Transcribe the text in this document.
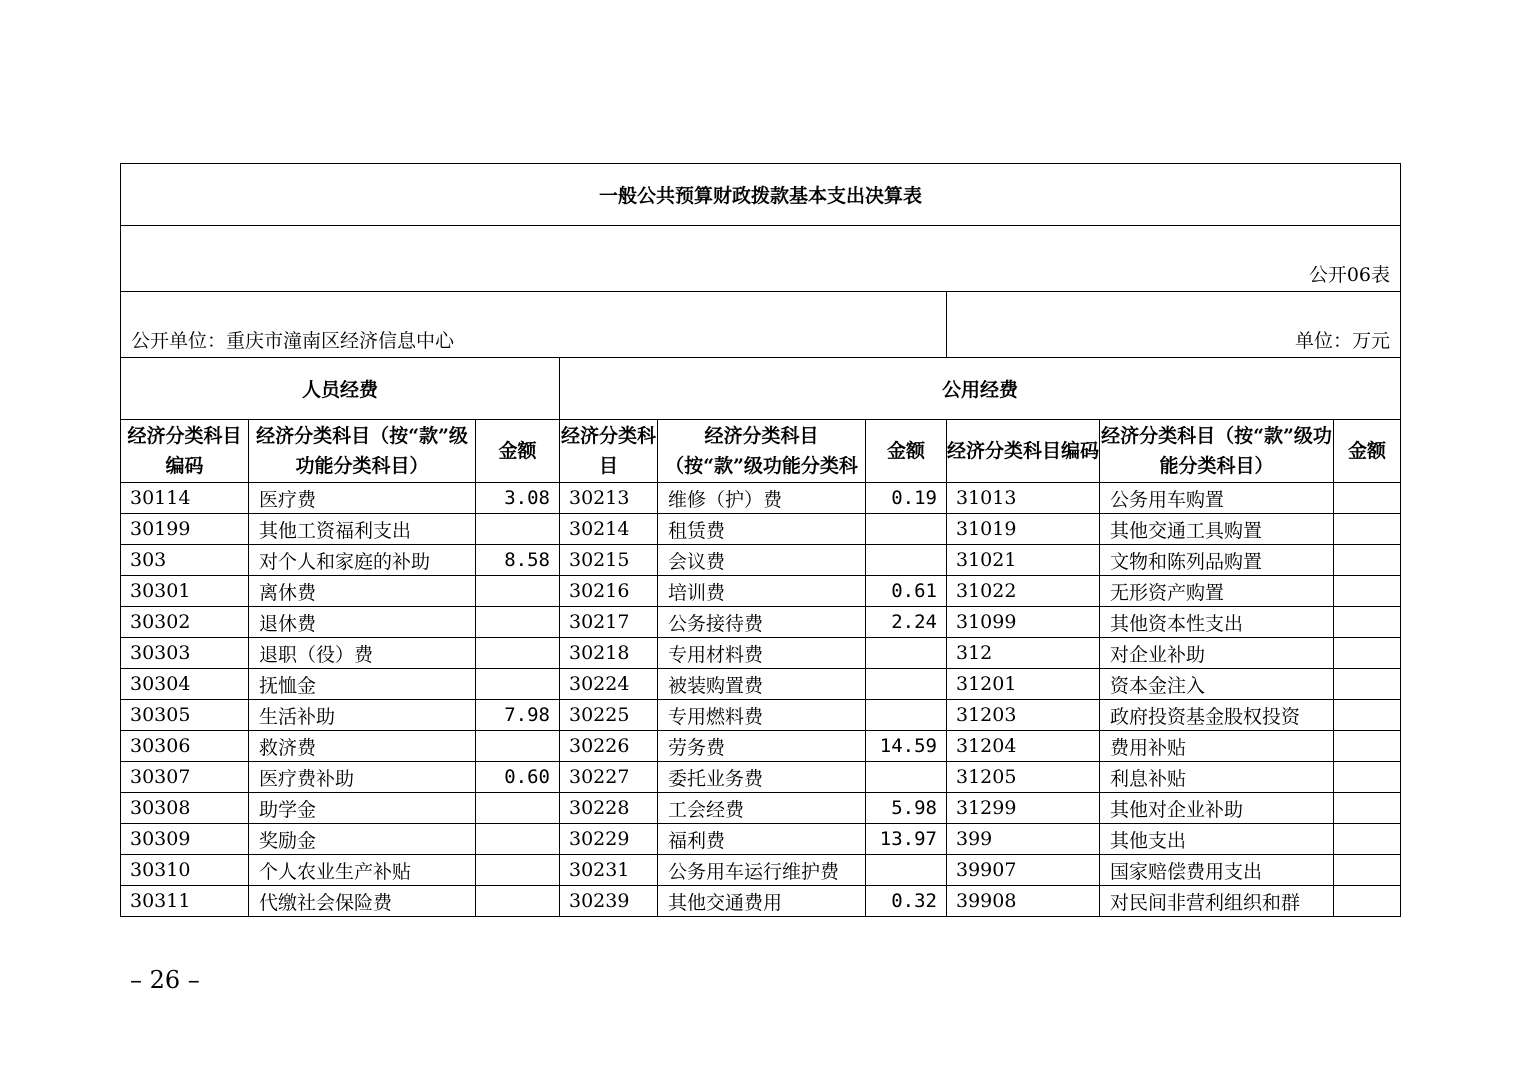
一般公共预算财政拨款基本支出决算表								
公开06表								
公开单位：重庆市潼南区经济信息中心						单位：万元		
人员经费			公用经费					
经济分类科目编码	经济分类科目（按“款”级功能分类科目）	金额	经济分类科目	经济分类科目（按“款”级功能分类科	金额	经济分类科目编码	经济分类科目（按“款”级功能分类科目）	金额
30114	医疗费	3.08	30213	维修（护）费	0.19	31013	公务用车购置	
30199	其他工资福利支出		30214	租赁费		31019	其他交通工具购置	
303	对个人和家庭的补助	8.58	30215	会议费		31021	文物和陈列品购置	
30301	离休费		30216	培训费	0.61	31022	无形资产购置	
30302	退休费		30217	公务接待费	2.24	31099	其他资本性支出	
30303	退职（役）费		30218	专用材料费		312	对企业补助	
30304	抚恤金		30224	被装购置费		31201	资本金注入	
30305	生活补助	7.98	30225	专用燃料费		31203	政府投资基金股权投资	
30306	救济费		30226	劳务费	14.59	31204	费用补贴	
30307	医疗费补助	0.60	30227	委托业务费		31205	利息补贴	
30308	助学金		30228	工会经费	5.98	31299	其他对企业补助	
30309	奖励金		30229	福利费	13.97	399	其他支出	
30310	个人农业生产补贴		30231	公务用车运行维护费		39907	国家赔偿费用支出	
30311	代缴社会保险费		30239	其他交通费用	0.32	39908	对民间非营利组织和群	
– 26 –
